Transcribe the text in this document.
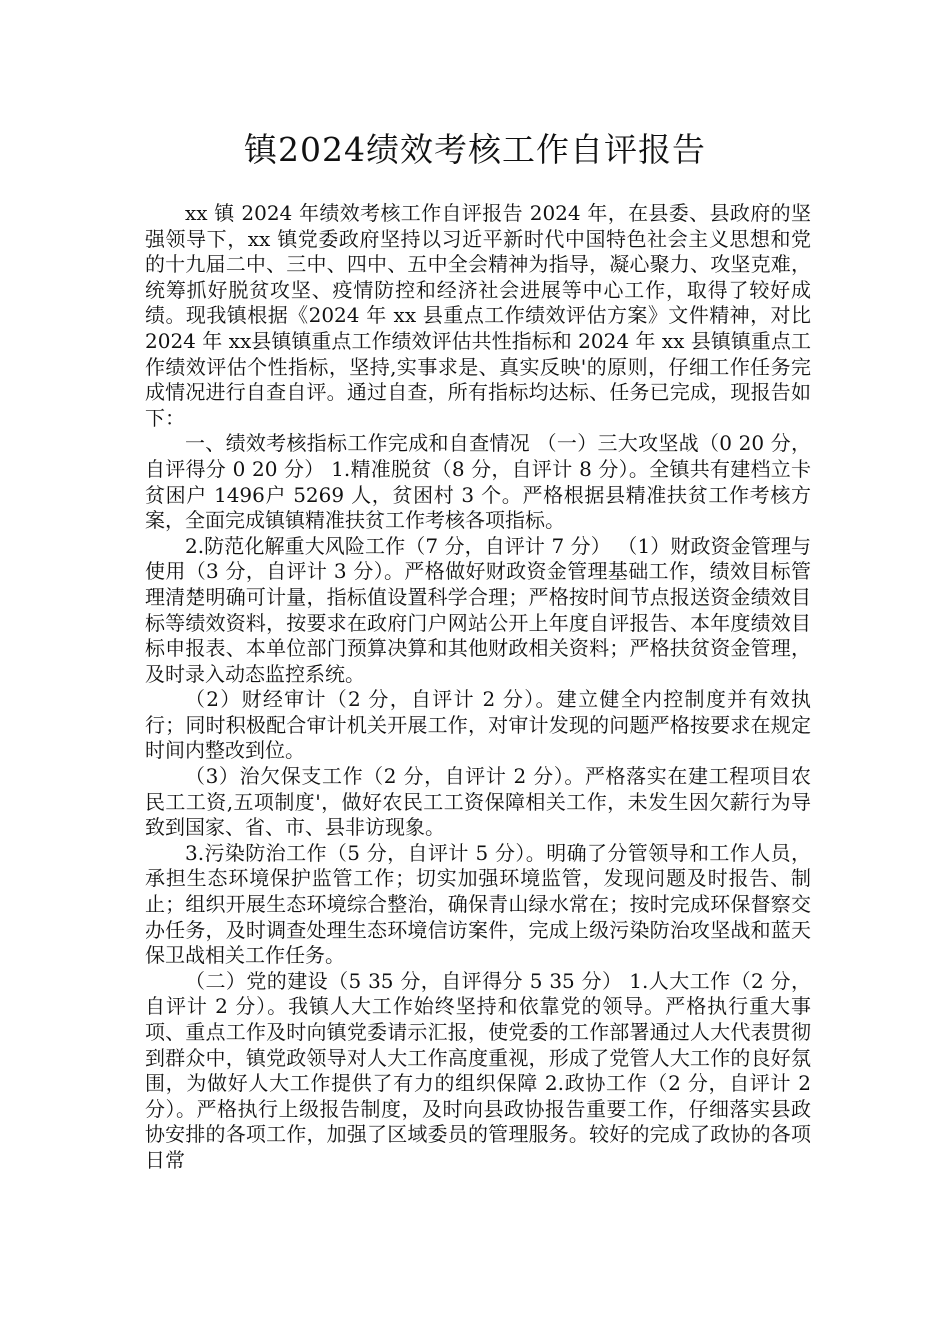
镇2024绩效考核工作自评报告

xx 镇 2024 年绩效考核工作自评报告 2024 年，在县委、县政府的坚强领导下，xx 镇党委政府坚持以习近平新时代中国特色社会主义思想和党的十九届二中、三中、四中、五中全会精神为指导，凝心聚力、攻坚克难，统筹抓好脱贫攻坚、疫情防控和经济社会进展等中心工作，取得了较好成绩。现我镇根据《2024 年 xx 县重点工作绩效评估方案》文件精神，对比 2024 年 xx县镇镇重点工作绩效评估共性指标和 2024 年 xx 县镇镇重点工作绩效评估个性指标，坚持,实事求是、真实反映'的原则，仔细工作任务完成情况进行自查自评。通过自查，所有指标均达标、任务已完成，现报告如下：

一、绩效考核指标工作完成和自查情况 （一）三大攻坚战（0 20 分，自评得分 0 20 分） 1.精准脱贫（8 分，自评计 8 分）。全镇共有建档立卡贫困户 1496户 5269 人，贫困村 3 个。严格根据县精准扶贫工作考核方案，全面完成镇镇精准扶贫工作考核各项指标。

2.防范化解重大风险工作（7 分，自评计 7 分） （1）财政资金管理与使用（3 分，自评计 3 分）。严格做好财政资金管理基础工作，绩效目标管理清楚明确可计量，指标值设置科学合理；严格按时间节点报送资金绩效目标等绩效资料，按要求在政府门户网站公开上年度自评报告、本年度绩效目标申报表、本单位部门预算决算和其他财政相关资料；严格扶贫资金管理，及时录入动态监控系统。

（2）财经审计（2 分，自评计 2 分）。建立健全内控制度并有效执行；同时积极配合审计机关开展工作，对审计发现的问题严格按要求在规定时间内整改到位。

（3）治欠保支工作（2 分，自评计 2 分）。严格落实在建工程项目农民工工资,五项制度'，做好农民工工资保障相关工作，未发生因欠薪行为导致到国家、省、市、县非访现象。

3.污染防治工作（5 分，自评计 5 分）。明确了分管领导和工作人员，承担生态环境保护监管工作；切实加强环境监管，发现问题及时报告、制止；组织开展生态环境综合整治，确保青山绿水常在；按时完成环保督察交办任务，及时调查处理生态环境信访案件，完成上级污染防治攻坚战和蓝天保卫战相关工作任务。

（二）党的建设（5 35 分，自评得分 5 35 分） 1.人大工作（2 分，自评计 2 分）。我镇人大工作始终坚持和依靠党的领导。严格执行重大事项、重点工作及时向镇党委请示汇报，使党委的工作部署通过人大代表贯彻到群众中，镇党政领导对人大工作高度重视，形成了党管人大工作的良好氛围，为做好人大工作提供了有力的组织保障 2.政协工作（2 分，自评计 2 分）。严格执行上级报告制度，及时向县政协报告重要工作，仔细落实县政协安排的各项工作，加强了区域委员的管理服务。较好的完成了政协的各项日常
